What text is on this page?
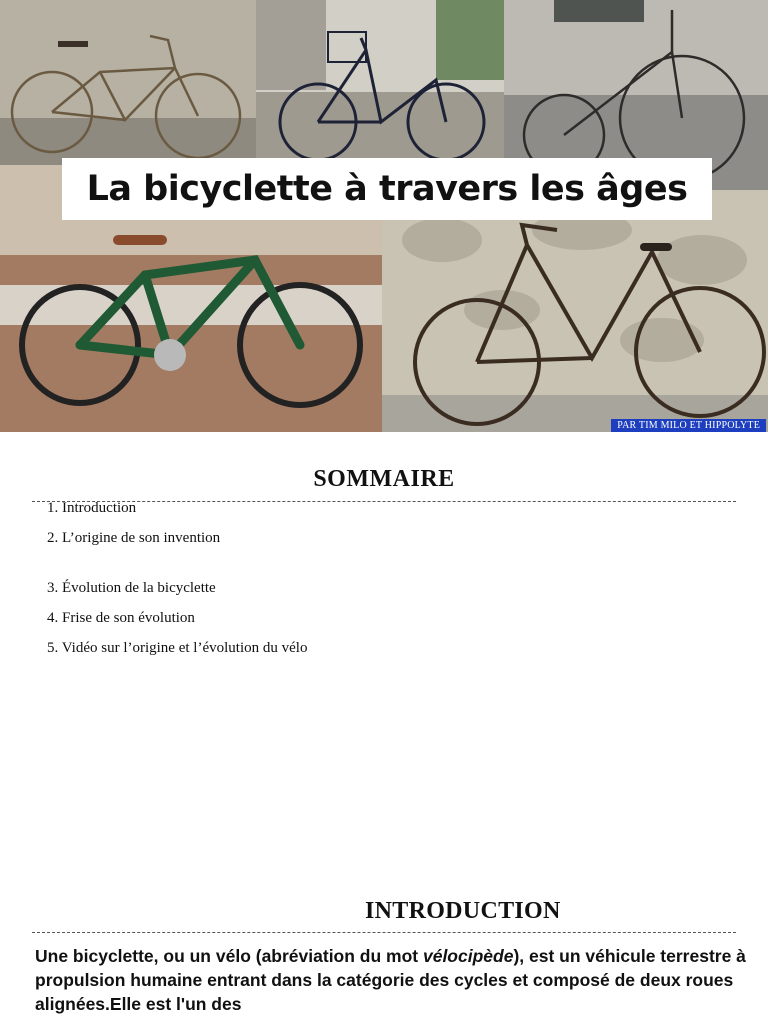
La bicyclette à travers les âges
PAR TIM MILO ET HIPPOLYTE
SOMMAIRE
1. Introduction
2. L’origine de son invention
3. Évolution de la bicyclette
4. Frise de son évolution
5. Vidéo sur l’origine et l’évolution du vélo
INTRODUCTION

Une bicyclette, ou un vélo (abréviation du mot vélocipède), est un véhicule terrestre à propulsion humaine entrant dans la catégorie des cycles et composé de deux roues alignées.Elle est l'un des
